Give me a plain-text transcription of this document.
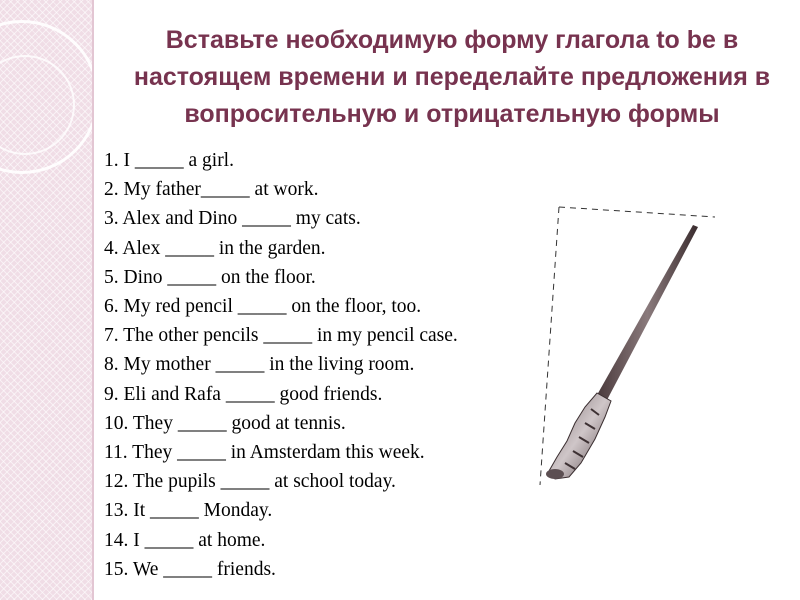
Вставьте необходимую форму глагола to be в настоящем времени и переделайте предложения в вопросительную и отрицательную формы
1. I _____ a girl.
2. My father_____ at work.
3. Alex and Dino _____ my cats.
4. Alex _____ in the garden.
5. Dino _____ on the floor.
6. My red pencil _____ on the floor, too.
7. The other pencils _____ in my pencil case.
8. My mother _____ in the living room.
9. Eli and Rafa _____ good friends.
10. They _____ good at tennis.
11. They _____ in Amsterdam this week.
12. The pupils _____ at school today.
13. It _____ Monday.
14. I _____ at home.
15. We _____ friends.
